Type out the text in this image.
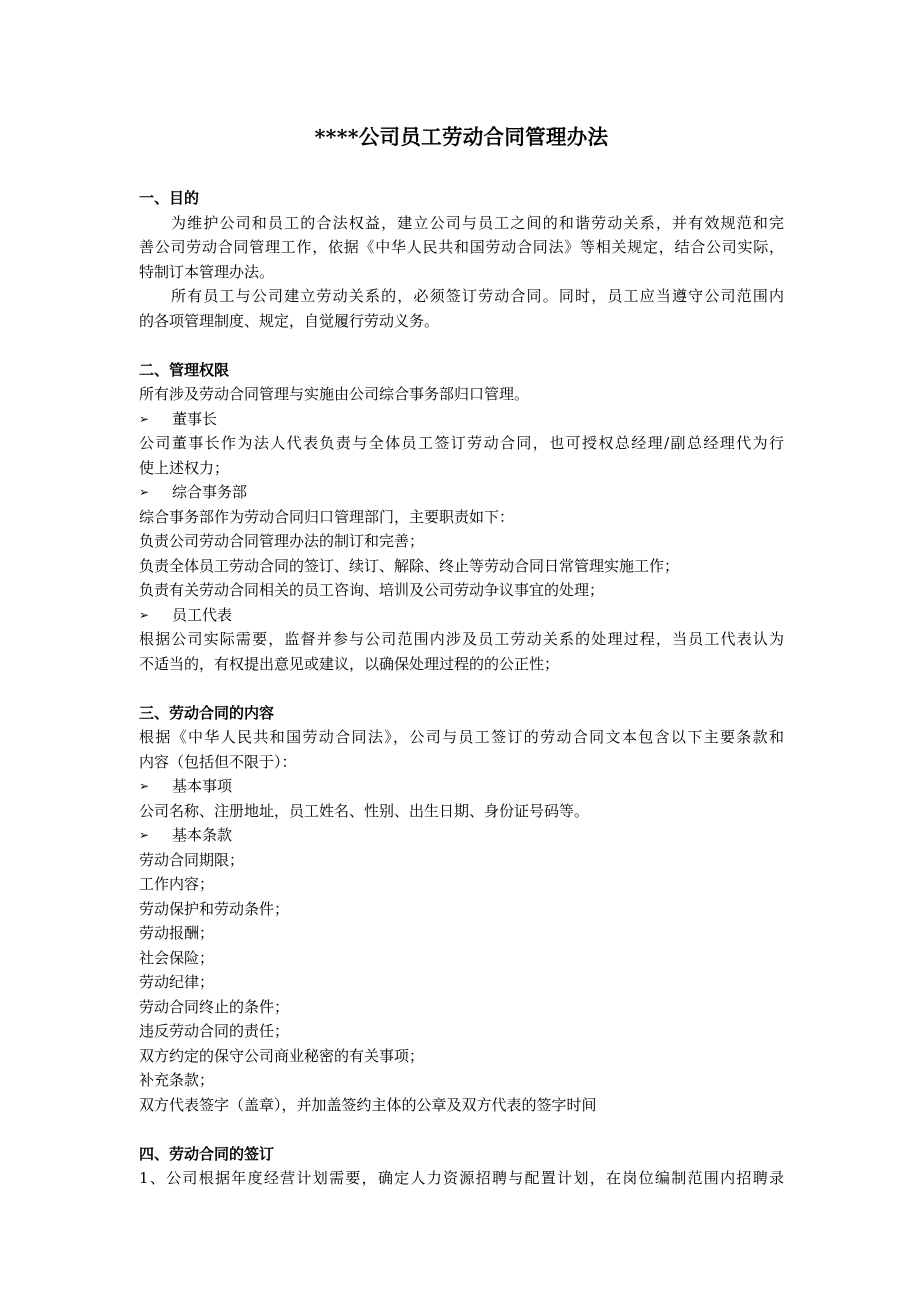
****公司员工劳动合同管理办法
一、目的
为维护公司和员工的合法权益，建立公司与员工之间的和谐劳动关系，并有效规范和完
善公司劳动合同管理工作，依据《中华人民共和国劳动合同法》等相关规定，结合公司实际，
特制订本管理办法。
所有员工与公司建立劳动关系的，必须签订劳动合同。同时，员工应当遵守公司范围内
的各项管理制度、规定，自觉履行劳动义务。
二、管理权限
所有涉及劳动合同管理与实施由公司综合事务部归口管理。
➢	董事长
公司董事长作为法人代表负责与全体员工签订劳动合同，也可授权总经理/副总经理代为行
使上述权力；
➢	综合事务部
综合事务部作为劳动合同归口管理部门，主要职责如下：
负责公司劳动合同管理办法的制订和完善；
负责全体员工劳动合同的签订、续订、解除、终止等劳动合同日常管理实施工作；
负责有关劳动合同相关的员工咨询、培训及公司劳动争议事宜的处理；
➢	员工代表
根据公司实际需要，监督并参与公司范围内涉及员工劳动关系的处理过程，当员工代表认为
不适当的，有权提出意见或建议，以确保处理过程的的公正性；
三、劳动合同的内容
根据《中华人民共和国劳动合同法》，公司与员工签订的劳动合同文本包含以下主要条款和
内容（包括但不限于）：
➢	基本事项
公司名称、注册地址，员工姓名、性别、出生日期、身份证号码等。
➢	基本条款
劳动合同期限；
工作内容；
劳动保护和劳动条件；
劳动报酬；
社会保险；
劳动纪律；
劳动合同终止的条件；
违反劳动合同的责任；
双方约定的保守公司商业秘密的有关事项；
补充条款；
双方代表签字（盖章），并加盖签约主体的公章及双方代表的签字时间
四、劳动合同的签订
1、公司根据年度经营计划需要，确定人力资源招聘与配置计划，在岗位编制范围内招聘录
